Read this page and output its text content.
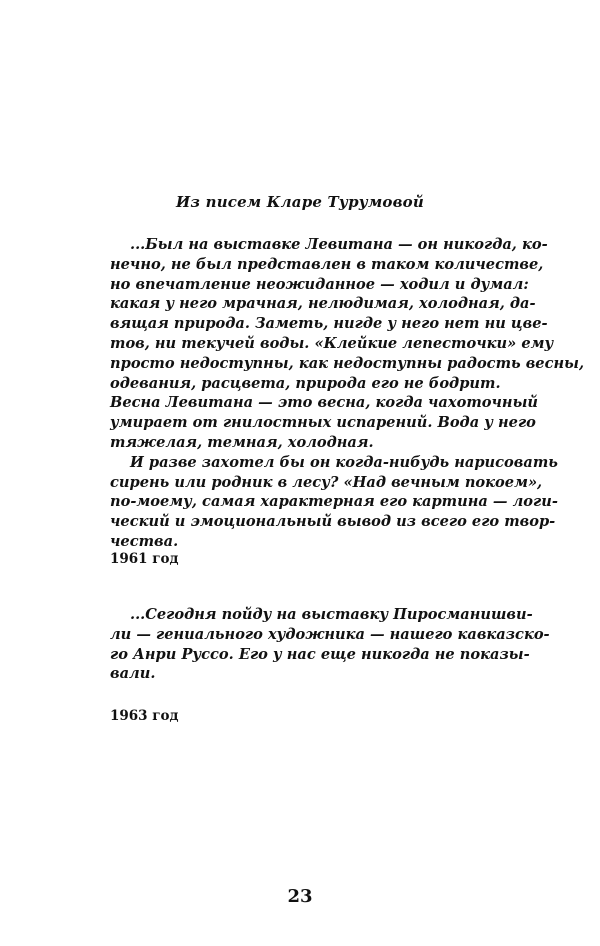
Из писем Кларе Турумовой
...Был на выставке Левитана — он никогда, ко-
нечно, не был представлен в таком количестве,
но впечатление неожиданное — ходил и думал:
какая у него мрачная, нелюдимая, холодная, да-
вящая природа. Заметь, нигде у него нет ни цве-
тов, ни текучей воды. «Клейкие лепесточки» ему
просто недоступны, как недоступны радость весны,
одевания, расцвета, природа его не бодрит.
Весна Левитана — это весна, когда чахоточный
умирает от гнилостных испарений. Вода у него
тяжелая, темная, холодная.
И разве захотел бы он когда-нибудь нарисовать
сирень или родник в лесу? «Над вечным покоем»,
по-моему, самая характерная его картина — логи-
ческий и эмоциональный вывод из всего его твор-
чества.
1961 год
...Сегодня пойду на выставку Пиросманишви-
ли — гениального художника — нашего кавказско-
го Анри Руссо. Его у нас еще никогда не показы-
вали.
1963 год
23
